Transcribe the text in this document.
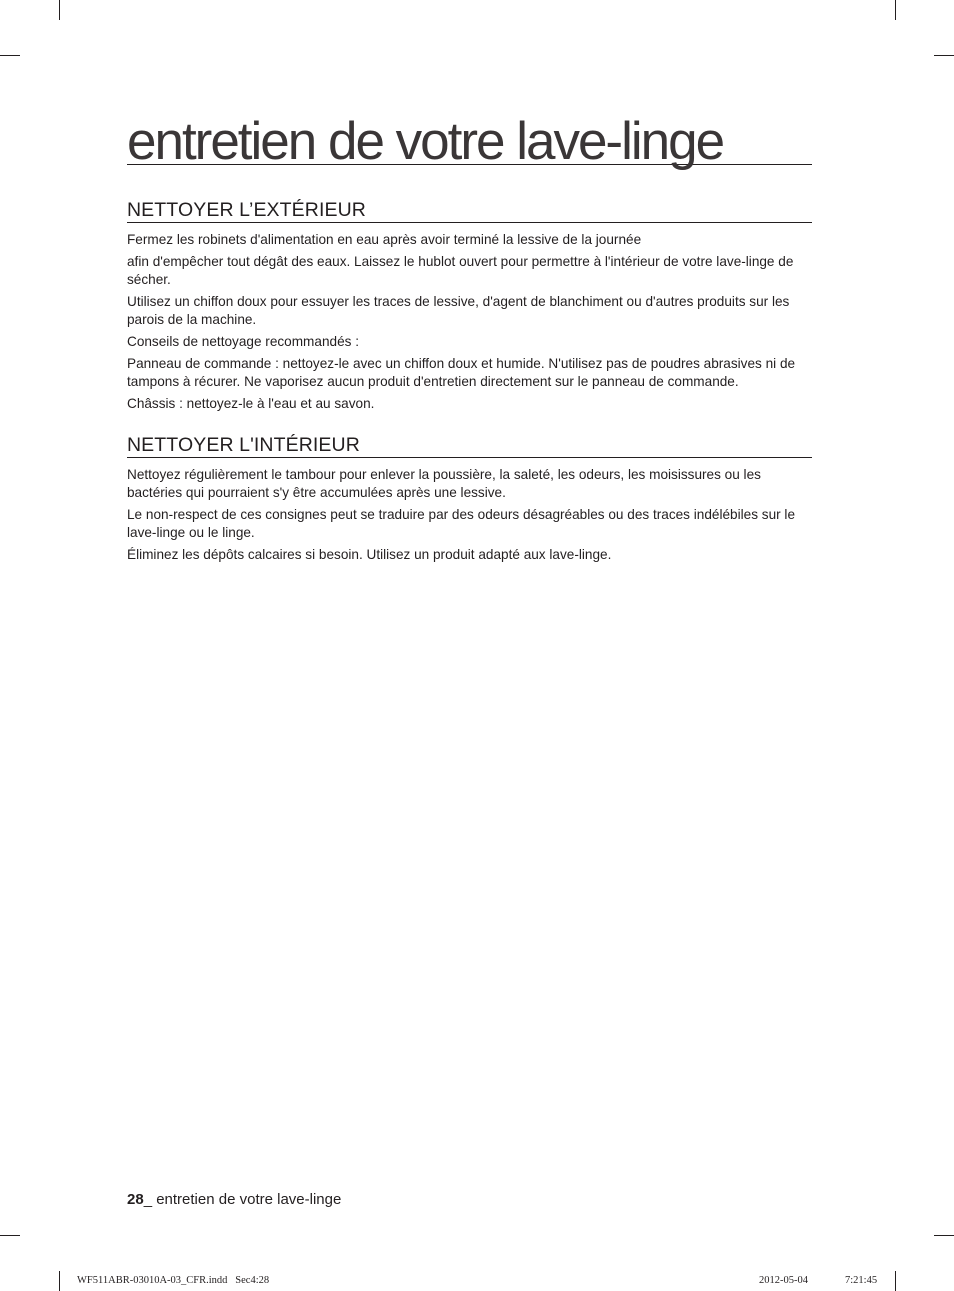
entretien de votre lave-linge
NETTOYER L’EXTÉRIEUR

Fermez les robinets d'alimentation en eau après avoir terminé la lessive de la journée

afin d'empêcher tout dégât des eaux. Laissez le hublot ouvert pour permettre à l'intérieur de votre lave-linge de sécher.

Utilisez un chiffon doux pour essuyer les traces de lessive, d'agent de blanchiment ou d'autres produits sur les parois de la machine.

Conseils de nettoyage recommandés :

Panneau de commande : nettoyez-le avec un chiffon doux et humide. N'utilisez pas de poudres abrasives ni de tampons à récurer. Ne vaporisez aucun produit d'entretien directement sur le panneau de commande.

Châssis : nettoyez-le à l'eau et au savon.

NETTOYER L'INTÉRIEUR

Nettoyez régulièrement le tambour pour enlever la poussière, la saleté, les odeurs, les moisissures ou les bactéries qui pourraient s'y être accumulées après une lessive.

Le non-respect de ces consignes peut se traduire par des odeurs désagréables ou des traces indélébiles sur le lave-linge ou le linge.

Éliminez les dépôts calcaires si besoin. Utilisez un produit adapté aux lave-linge.

28_ entretien de votre lave-linge
WF511ABR-03010A-03_CFR.indd   Sec4:28	2012-05-04	7:21:45
